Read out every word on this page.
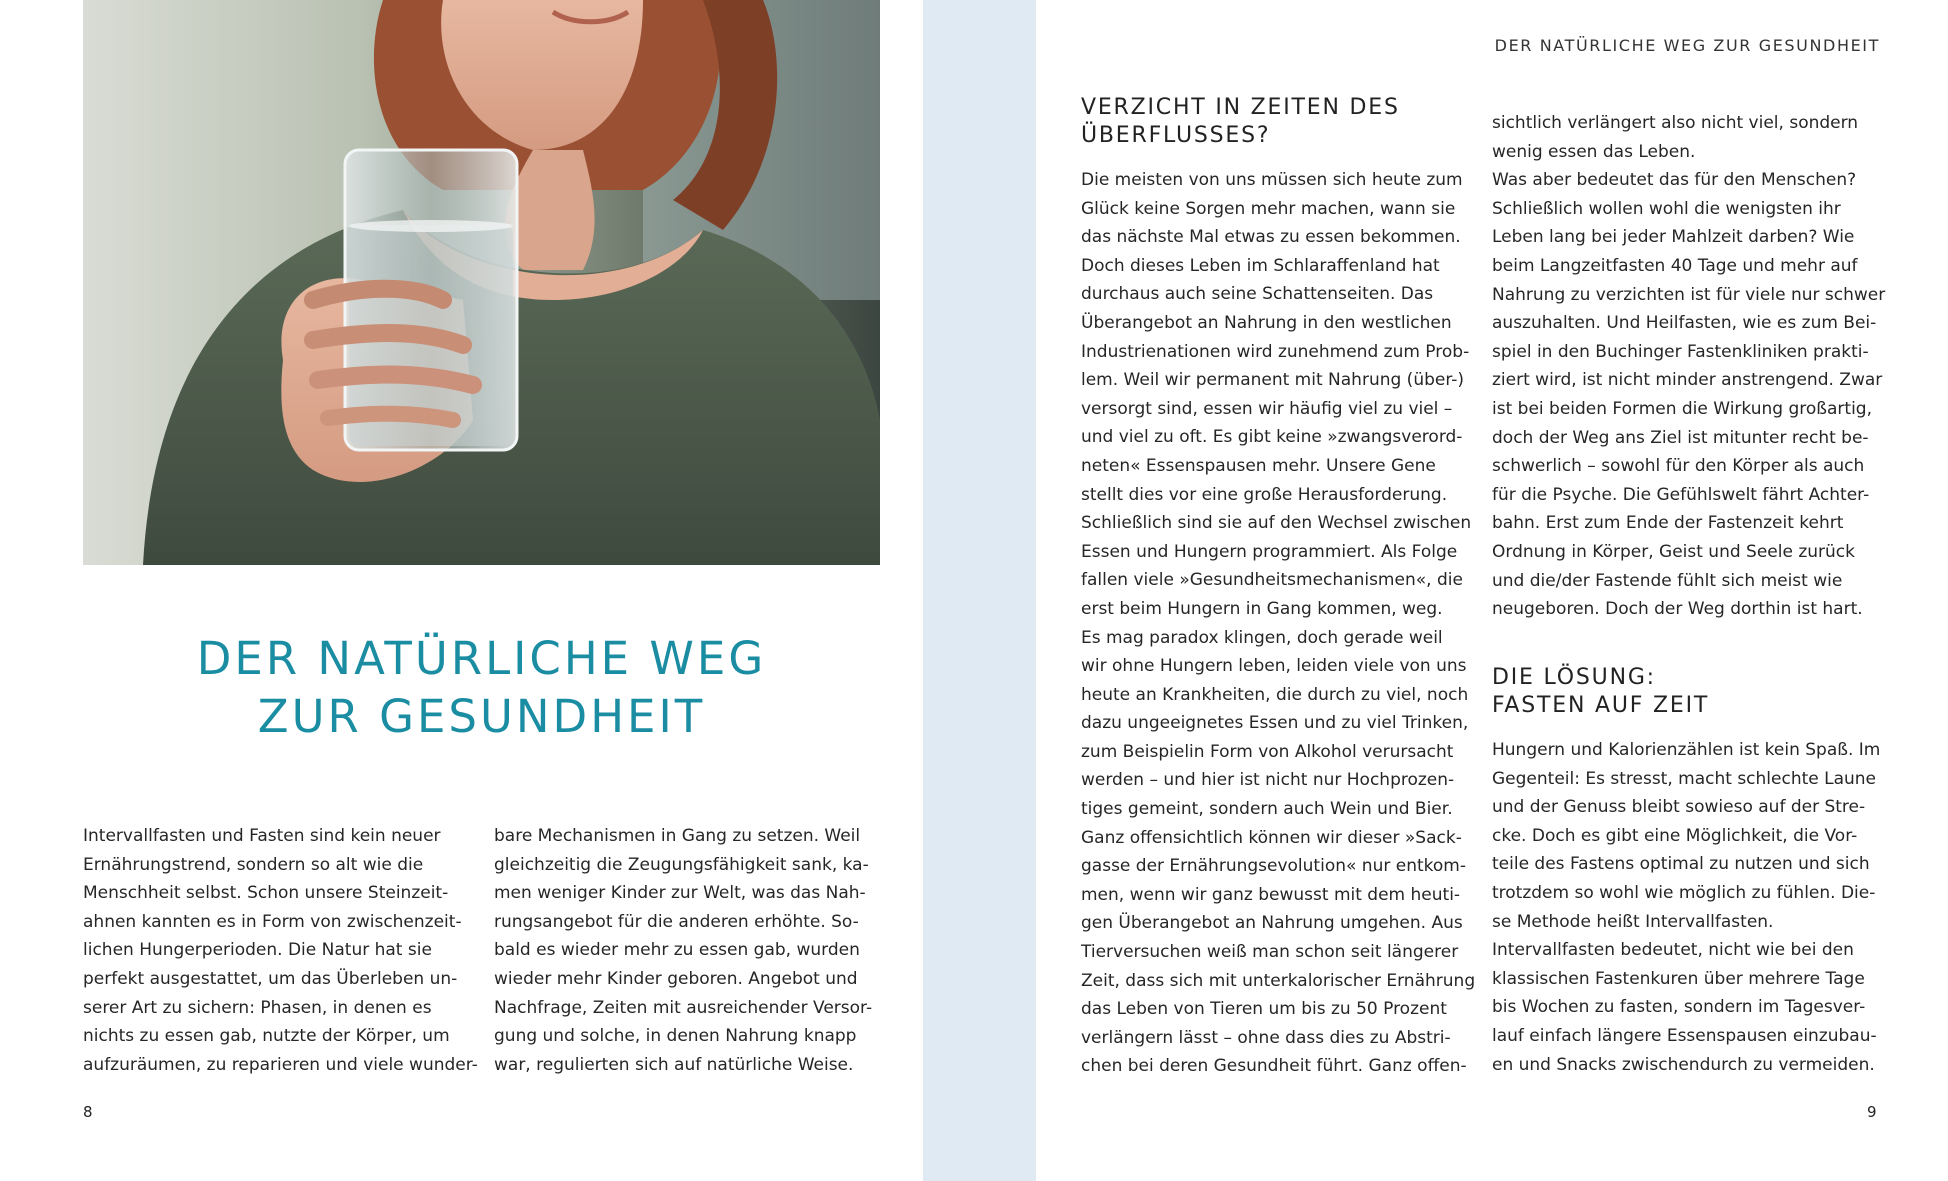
DER NATÜRLICHE WEG
ZUR GESUNDHEIT
Intervallfasten und Fasten sind kein neuer
Ernährungstrend, sondern so alt wie die
Menschheit selbst. Schon unsere Steinzeit-
ahnen kannten es in Form von zwischenzeit-
lichen Hungerperioden. Die Natur hat sie
perfekt ausgestattet, um das Überleben un-
serer Art zu sichern: Phasen, in denen es
nichts zu essen gab, nutzte der Körper, um
aufzuräumen, zu reparieren und viele wunder-
bare Mechanismen in Gang zu setzen. Weil
gleichzeitig die Zeugungsfähigkeit sank, ka-
men weniger Kinder zur Welt, was das Nah-
rungsangebot für die anderen erhöhte. So-
bald es wieder mehr zu essen gab, wurden
wieder mehr Kinder geboren. Angebot und
Nachfrage, Zeiten mit ausreichender Versor-
gung und solche, in denen Nahrung knapp
war, regulierten sich auf natürliche Weise.
8
DER NATÜRLICHE WEG ZUR GESUNDHEIT
VERZICHT IN ZEITEN DES
ÜBERFLUSSES?
Die meisten von uns müssen sich heute zum
Glück keine Sorgen mehr machen, wann sie
das nächste Mal etwas zu essen bekommen.
Doch dieses Leben im Schlaraffenland hat
durchaus auch seine Schattenseiten. Das
Überangebot an Nahrung in den westlichen
Industrienationen wird zunehmend zum Prob-
lem. Weil wir permanent mit Nahrung (über-)
versorgt sind, essen wir häufig viel zu viel –
und viel zu oft. Es gibt keine »zwangsverord-
neten« Essenspausen mehr. Unsere Gene
stellt dies vor eine große Herausforderung.
Schließlich sind sie auf den Wechsel zwischen
Essen und Hungern programmiert. Als Folge
fallen viele »Gesundheitsmechanismen«, die
erst beim Hungern in Gang kommen, weg.
Es mag paradox klingen, doch gerade weil
wir ohne Hungern leben, leiden viele von uns
heute an Krankheiten, die durch zu viel, noch
dazu ungeeignetes Essen und zu viel Trinken,
zum Beispielin Form von Alkohol verursacht
werden – und hier ist nicht nur Hochprozen-
tiges gemeint, sondern auch Wein und Bier.
Ganz offensichtlich können wir dieser »Sack-
gasse der Ernährungsevolution« nur entkom-
men, wenn wir ganz bewusst mit dem heuti-
gen Überangebot an Nahrung umgehen. Aus
Tierversuchen weiß man schon seit längerer
Zeit, dass sich mit unterkalorischer Ernährung
das Leben von Tieren um bis zu 50 Prozent
verlängern lässt – ohne dass dies zu Abstri-
chen bei deren Gesundheit führt. Ganz offen-
sichtlich verlängert also nicht viel, sondern
wenig essen das Leben.
Was aber bedeutet das für den Menschen?
Schließlich wollen wohl die wenigsten ihr
Leben lang bei jeder Mahlzeit darben? Wie
beim Langzeitfasten 40 Tage und mehr auf
Nahrung zu verzichten ist für viele nur schwer
auszuhalten. Und Heilfasten, wie es zum Bei-
spiel in den Buchinger Fastenkliniken prakti-
ziert wird, ist nicht minder anstrengend. Zwar
ist bei beiden Formen die Wirkung großartig,
doch der Weg ans Ziel ist mitunter recht be-
schwerlich – sowohl für den Körper als auch
für die Psyche. Die Gefühlswelt fährt Achter-
bahn. Erst zum Ende der Fastenzeit kehrt
Ordnung in Körper, Geist und Seele zurück
und die/der Fastende fühlt sich meist wie
neugeboren. Doch der Weg dorthin ist hart.
DIE LÖSUNG:
FASTEN AUF ZEIT
Hungern und Kalorienzählen ist kein Spaß. Im
Gegenteil: Es stresst, macht schlechte Laune
und der Genuss bleibt sowieso auf der Stre-
cke. Doch es gibt eine Möglichkeit, die Vor-
teile des Fastens optimal zu nutzen und sich
trotzdem so wohl wie möglich zu fühlen. Die-
se Methode heißt Intervallfasten.
Intervallfasten bedeutet, nicht wie bei den
klassischen Fastenkuren über mehrere Tage
bis Wochen zu fasten, sondern im Tagesver-
lauf einfach längere Essenspausen einzubau-
en und Snacks zwischendurch zu vermeiden.
9
